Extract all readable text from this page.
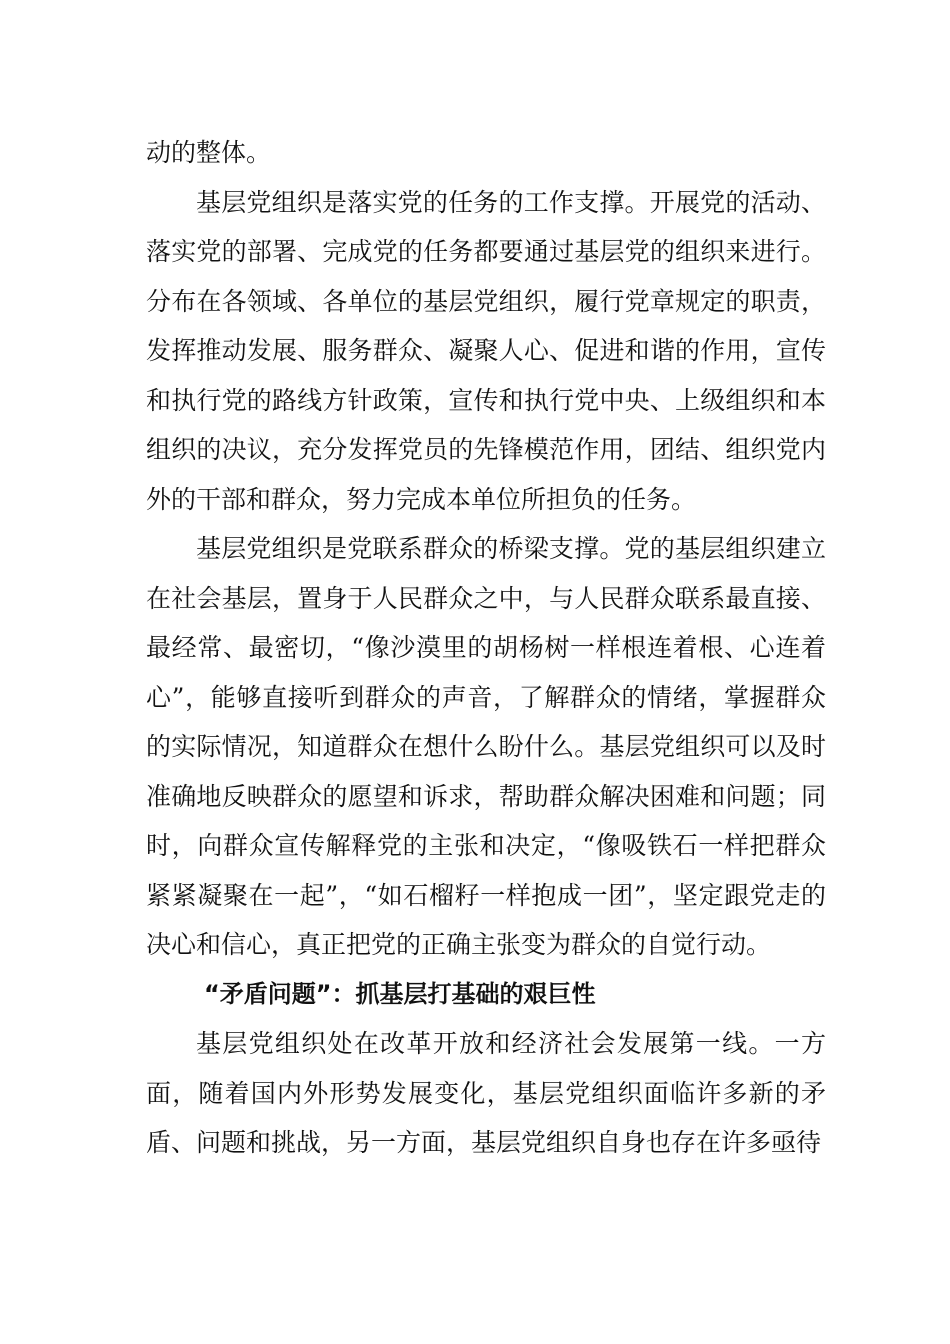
动的整体。

基层党组织是落实党的任务的工作支撑。开展党的活动、落实党的部署、完成党的任务都要通过基层党的组织来进行。分布在各领域、各单位的基层党组织，履行党章规定的职责，发挥推动发展、服务群众、凝聚人心、促进和谐的作用，宣传和执行党的路线方针政策，宣传和执行党中央、上级组织和本组织的决议，充分发挥党员的先锋模范作用，团结、组织党内外的干部和群众，努力完成本单位所担负的任务。

基层党组织是党联系群众的桥梁支撑。党的基层组织建立在社会基层，置身于人民群众之中，与人民群众联系最直接、最经常、最密切，“像沙漠里的胡杨树一样根连着根、心连着心”，能够直接听到群众的声音，了解群众的情绪，掌握群众的实际情况，知道群众在想什么盼什么。基层党组织可以及时准确地反映群众的愿望和诉求，帮助群众解决困难和问题；同时，向群众宣传解释党的主张和决定，“像吸铁石一样把群众紧紧凝聚在一起”，“如石榴籽一样抱成一团”，坚定跟党走的决心和信心，真正把党的正确主张变为群众的自觉行动。

“矛盾问题”：抓基层打基础的艰巨性

基层党组织处在改革开放和经济社会发展第一线。一方面，随着国内外形势发展变化，基层党组织面临许多新的矛盾、问题和挑战，另一方面，基层党组织自身也存在许多亟待
